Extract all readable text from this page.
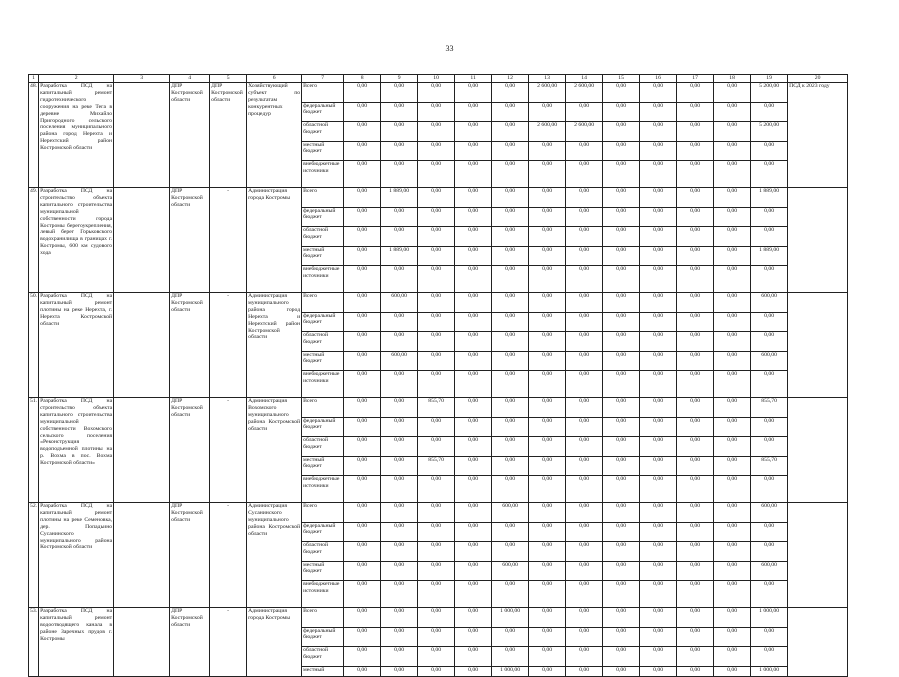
33
1	2	3	4	5	6	7	8	9	10	11	12	13	14	15	16	17	18	19	20
48.	Разработка ПСД на капитальный ремонт гидротехнического сооружения на реке Тега в деревне Михайло Пригородного сельского поселения муниципального района город Нерехта и Нерехтский район Костромской области		ДПР Костромской области	ДПР Костромской области	Хозяйствующий субъект по результатам конкурентных процедур	Всего	0,00	0,00	0,00	0,00	0,00	2 600,00	2 600,00	0,00	0,00	0,00	0,00	5 200,00	ПСД к 2023 году
						федеральный бюджет	0,00	0,00	0,00	0,00	0,00	0,00	0,00	0,00	0,00	0,00	0,00	0,00	
						областной бюджет	0,00	0,00	0,00	0,00	0,00	2 600,00	2 600,00	0,00	0,00	0,00	0,00	5 200,00	
						местный бюджет	0,00	0,00	0,00	0,00	0,00	0,00	0,00	0,00	0,00	0,00	0,00	0,00	
						внебюджетные источники	0,00	0,00	0,00	0,00	0,00	0,00	0,00	0,00	0,00	0,00	0,00	0,00	
49.	Разработка ПСД на строительство объекта капитального строительства муниципальной собственности города Костромы берегоукрепления, левый берег Горьковского водохранилища в границах г. Костромы, 600 км судового хода		ДПР Костромской области	-	Администрация города Костромы	Всего	0,00	1 889,00	0,00	0,00	0,00	0,00	0,00	0,00	0,00	0,00	0,00	1 889,00	
						федеральный бюджет	0,00	0,00	0,00	0,00	0,00	0,00	0,00	0,00	0,00	0,00	0,00	0,00	
						областной бюджет	0,00	0,00	0,00	0,00	0,00	0,00	0,00	0,00	0,00	0,00	0,00	0,00	
						местный бюджет	0,00	1 889,00	0,00	0,00	0,00	0,00	0,00	0,00	0,00	0,00	0,00	1 889,00	
						внебюджетные источники	0,00	0,00	0,00	0,00	0,00	0,00	0,00	0,00	0,00	0,00	0,00	0,00	
50.	Разработка ПСД на капитальный ремонт плотины на реке Нерехта, г. Нерехта Костромской области		ДПР Костромской области	-	Администрация муниципального района город Нерехта и Нерехтский район Костромской области	Всего	0,00	600,00	0,00	0,00	0,00	0,00	0,00	0,00	0,00	0,00	0,00	600,00	
						федеральный бюджет	0,00	0,00	0,00	0,00	0,00	0,00	0,00	0,00	0,00	0,00	0,00	0,00	
						областной бюджет	0,00	0,00	0,00	0,00	0,00	0,00	0,00	0,00	0,00	0,00	0,00	0,00	
						местный бюджет	0,00	600,00	0,00	0,00	0,00	0,00	0,00	0,00	0,00	0,00	0,00	600,00	
						внебюджетные источники	0,00	0,00	0,00	0,00	0,00	0,00	0,00	0,00	0,00	0,00	0,00	0,00	
51.	Разработка ПСД на строительство объекта капитального строительства муниципальной собственности Вохомского сельского поселения «Реконструкция водоподъемной плотины на р. Вохма в пос. Вохма Костромской области»		ДПР Костромской области	-	Администрация Вохомского муниципального района Костромской области	Всего	0,00	0,00	855,70	0,00	0,00	0,00	0,00	0,00	0,00	0,00	0,00	855,70	
						федеральный бюджет	0,00	0,00	0,00	0,00	0,00	0,00	0,00	0,00	0,00	0,00	0,00	0,00	
						областной бюджет	0,00	0,00	0,00	0,00	0,00	0,00	0,00	0,00	0,00	0,00	0,00	0,00	
						местный бюджет	0,00	0,00	855,70	0,00	0,00	0,00	0,00	0,00	0,00	0,00	0,00	855,70	
						внебюджетные источники	0,00	0,00	0,00	0,00	0,00	0,00	0,00	0,00	0,00	0,00	0,00	0,00	
52.	Разработка ПСД на капитальный ремонт плотины на реке Семеновка, дер. Попадьино Сусанинского муниципального района Костромской области		ДПР Костромской области	-	Администрация Сусанинского муниципального района Костромской области	Всего	0,00	0,00	0,00	0,00	600,00	0,00	0,00	0,00	0,00	0,00	0,00	600,00	
						федеральный бюджет	0,00	0,00	0,00	0,00	0,00	0,00	0,00	0,00	0,00	0,00	0,00	0,00	
						областной бюджет	0,00	0,00	0,00	0,00	0,00	0,00	0,00	0,00	0,00	0,00	0,00	0,00	
						местный бюджет	0,00	0,00	0,00	0,00	600,00	0,00	0,00	0,00	0,00	0,00	0,00	600,00	
						внебюджетные источники	0,00	0,00	0,00	0,00	0,00	0,00	0,00	0,00	0,00	0,00	0,00	0,00	
53.	Разработка ПСД на капитальный ремонт водоотводящего канала в районе Заречных прудов г. Костромы		ДПР Костромской области	-	Администрация города Костромы	Всего	0,00	0,00	0,00	0,00	1 000,00	0,00	0,00	0,00	0,00	0,00	0,00	1 000,00	
						федеральный бюджет	0,00	0,00	0,00	0,00	0,00	0,00	0,00	0,00	0,00	0,00	0,00	0,00	
						областной бюджет	0,00	0,00	0,00	0,00	0,00	0,00	0,00	0,00	0,00	0,00	0,00	0,00	
						местный	0,00	0,00	0,00	0,00	1 000,00	0,00	0,00	0,00	0,00	0,00	0,00	1 000,00	
